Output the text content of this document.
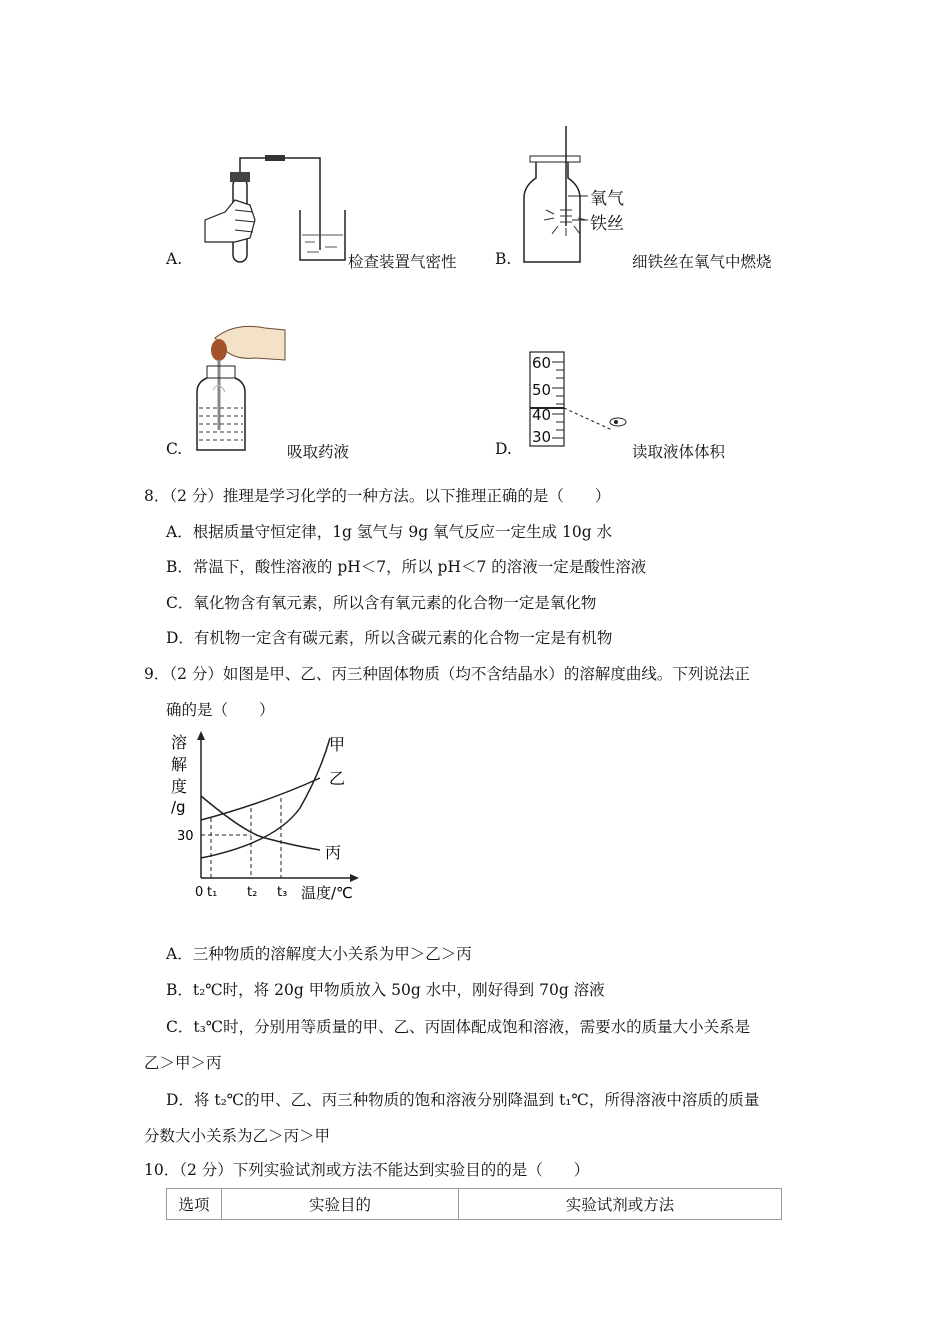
A.	检查装置气密性
氧气
铁丝
B.	细铁丝在氧气中燃烧
C.	吸取药液
60
50
40
30
D.	读取液体体积
8．（2 分）推理是学习化学的一种方法。以下推理正确的是（　　）
A．根据质量守恒定律，1g 氢气与 9g 氧气反应一定生成 10g 水
B．常温下，酸性溶液的 pH＜7，所以 pH＜7 的溶液一定是酸性溶液
C．氧化物含有氧元素，所以含有氧元素的化合物一定是氧化物
D．有机物一定含有碳元素，所以含碳元素的化合物一定是有机物
9．（2 分）如图是甲、乙、丙三种固体物质（均不含结晶水）的溶解度曲线。下列说法正
确的是（　　）
溶
解
度
/g
30
0 t₁ t₂ t₃ 温度/℃
甲
乙
丙
A．三种物质的溶解度大小关系为甲＞乙＞丙
B．t₂℃时，将 20g 甲物质放入 50g 水中，刚好得到 70g 溶液
C．t₃℃时，分别用等质量的甲、乙、丙固体配成饱和溶液，需要水的质量大小关系是
乙＞甲＞丙
D．将 t₂℃的甲、乙、丙三种物质的饱和溶液分别降温到 t₁℃，所得溶液中溶质的质量
分数大小关系为乙＞丙＞甲
10．（2 分）下列实验试剂或方法不能达到实验目的的是（　　）
选项	实验目的	实验试剂或方法
